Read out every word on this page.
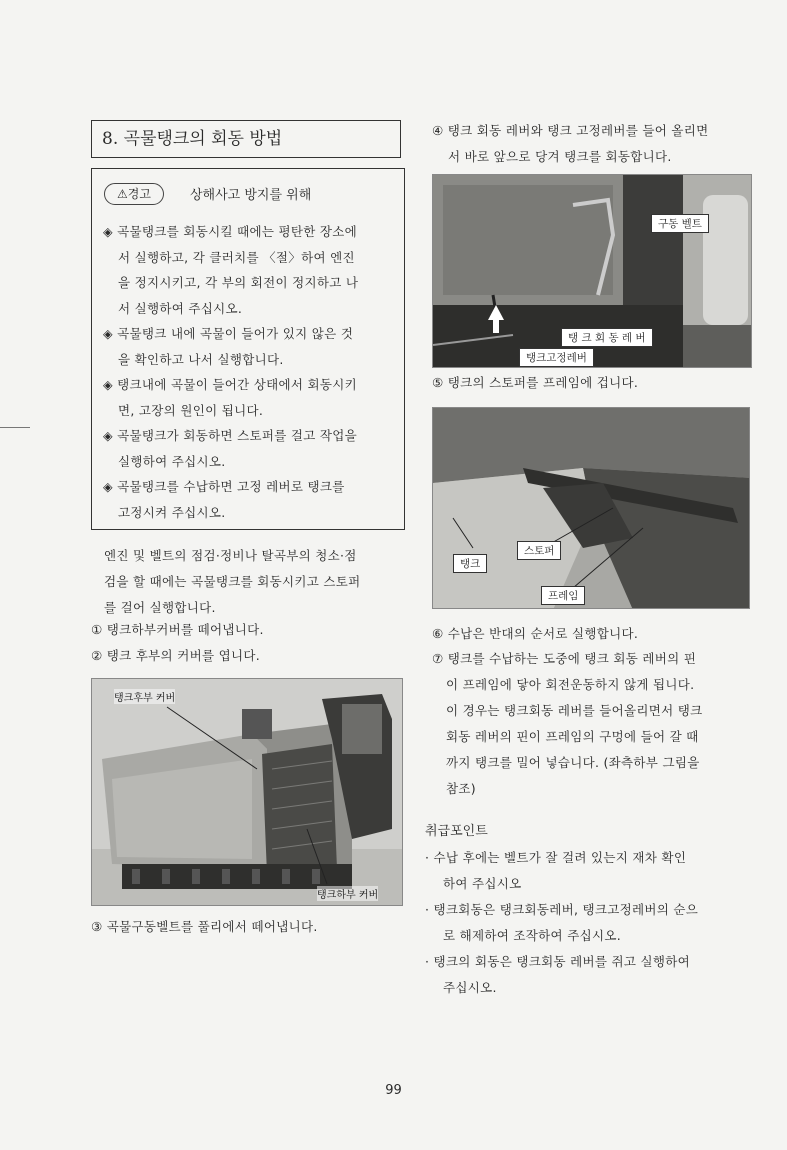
8. 곡물탱크의 회동 방법
⚠경고	상해사고 방지를 위해
◈ 곡물탱크를 회동시킬 때에는 평탄한 장소에
서 실행하고, 각 클러치를 〈절〉하여 엔진
을 정지시키고, 각 부의 회전이 정지하고 나
서 실행하여 주십시오.
◈ 곡물탱크 내에 곡물이 들어가 있지 않은 것
을 확인하고 나서 실행합니다.
◈ 탱크내에 곡물이 들어간 상태에서 회동시키
면, 고장의 원인이 됩니다.
◈ 곡물탱크가 회동하면 스토퍼를 걸고 작업을
실행하여 주십시오.
◈ 곡물탱크를 수납하면 고정 레버로 탱크를
고정시켜 주십시오.
엔진 및 벨트의 점검·정비나 탈곡부의 청소·점
검을 할 때에는 곡물탱크를 회동시키고 스토퍼
를 걸어 실행합니다.
① 탱크하부커버를 떼어냅니다.
② 탱크 후부의 커버를 엽니다.
탱크후부 커버
탱크하부 커버
③ 곡물구동벨트를 풀리에서 떼어냅니다.
④ 탱크 회동 레버와 탱크 고정레버를 들어 올리면
서 바로 앞으로 당겨 탱크를 회동합니다.
구동 벨트
탱 크 회 동 레 버
탱크고정레버
⑤ 탱크의 스토퍼를 프레임에 겁니다.
스토퍼
탱크
프레임
⑥ 수납은 반대의 순서로 실행합니다.
⑦ 탱크를 수납하는 도중에 탱크 회동 레버의 핀
이 프레임에 닿아 회전운동하지 않게 됩니다.
이 경우는 탱크회동 레버를 들어올리면서 탱크
회동 레버의 핀이 프레임의 구멍에 들어 갈 때
까지 탱크를 밀어 넣습니다. (좌측하부 그림을
참조)
취급포인트
· 수납 후에는 벨트가 잘 걸려 있는지 재차 확인
하여 주십시오
· 탱크회동은 탱크회동레버, 탱크고정레버의 순으
로 해제하여 조작하여 주십시오.
· 탱크의 회동은 탱크회동 레버를 쥐고 실행하여
주십시오.
99
